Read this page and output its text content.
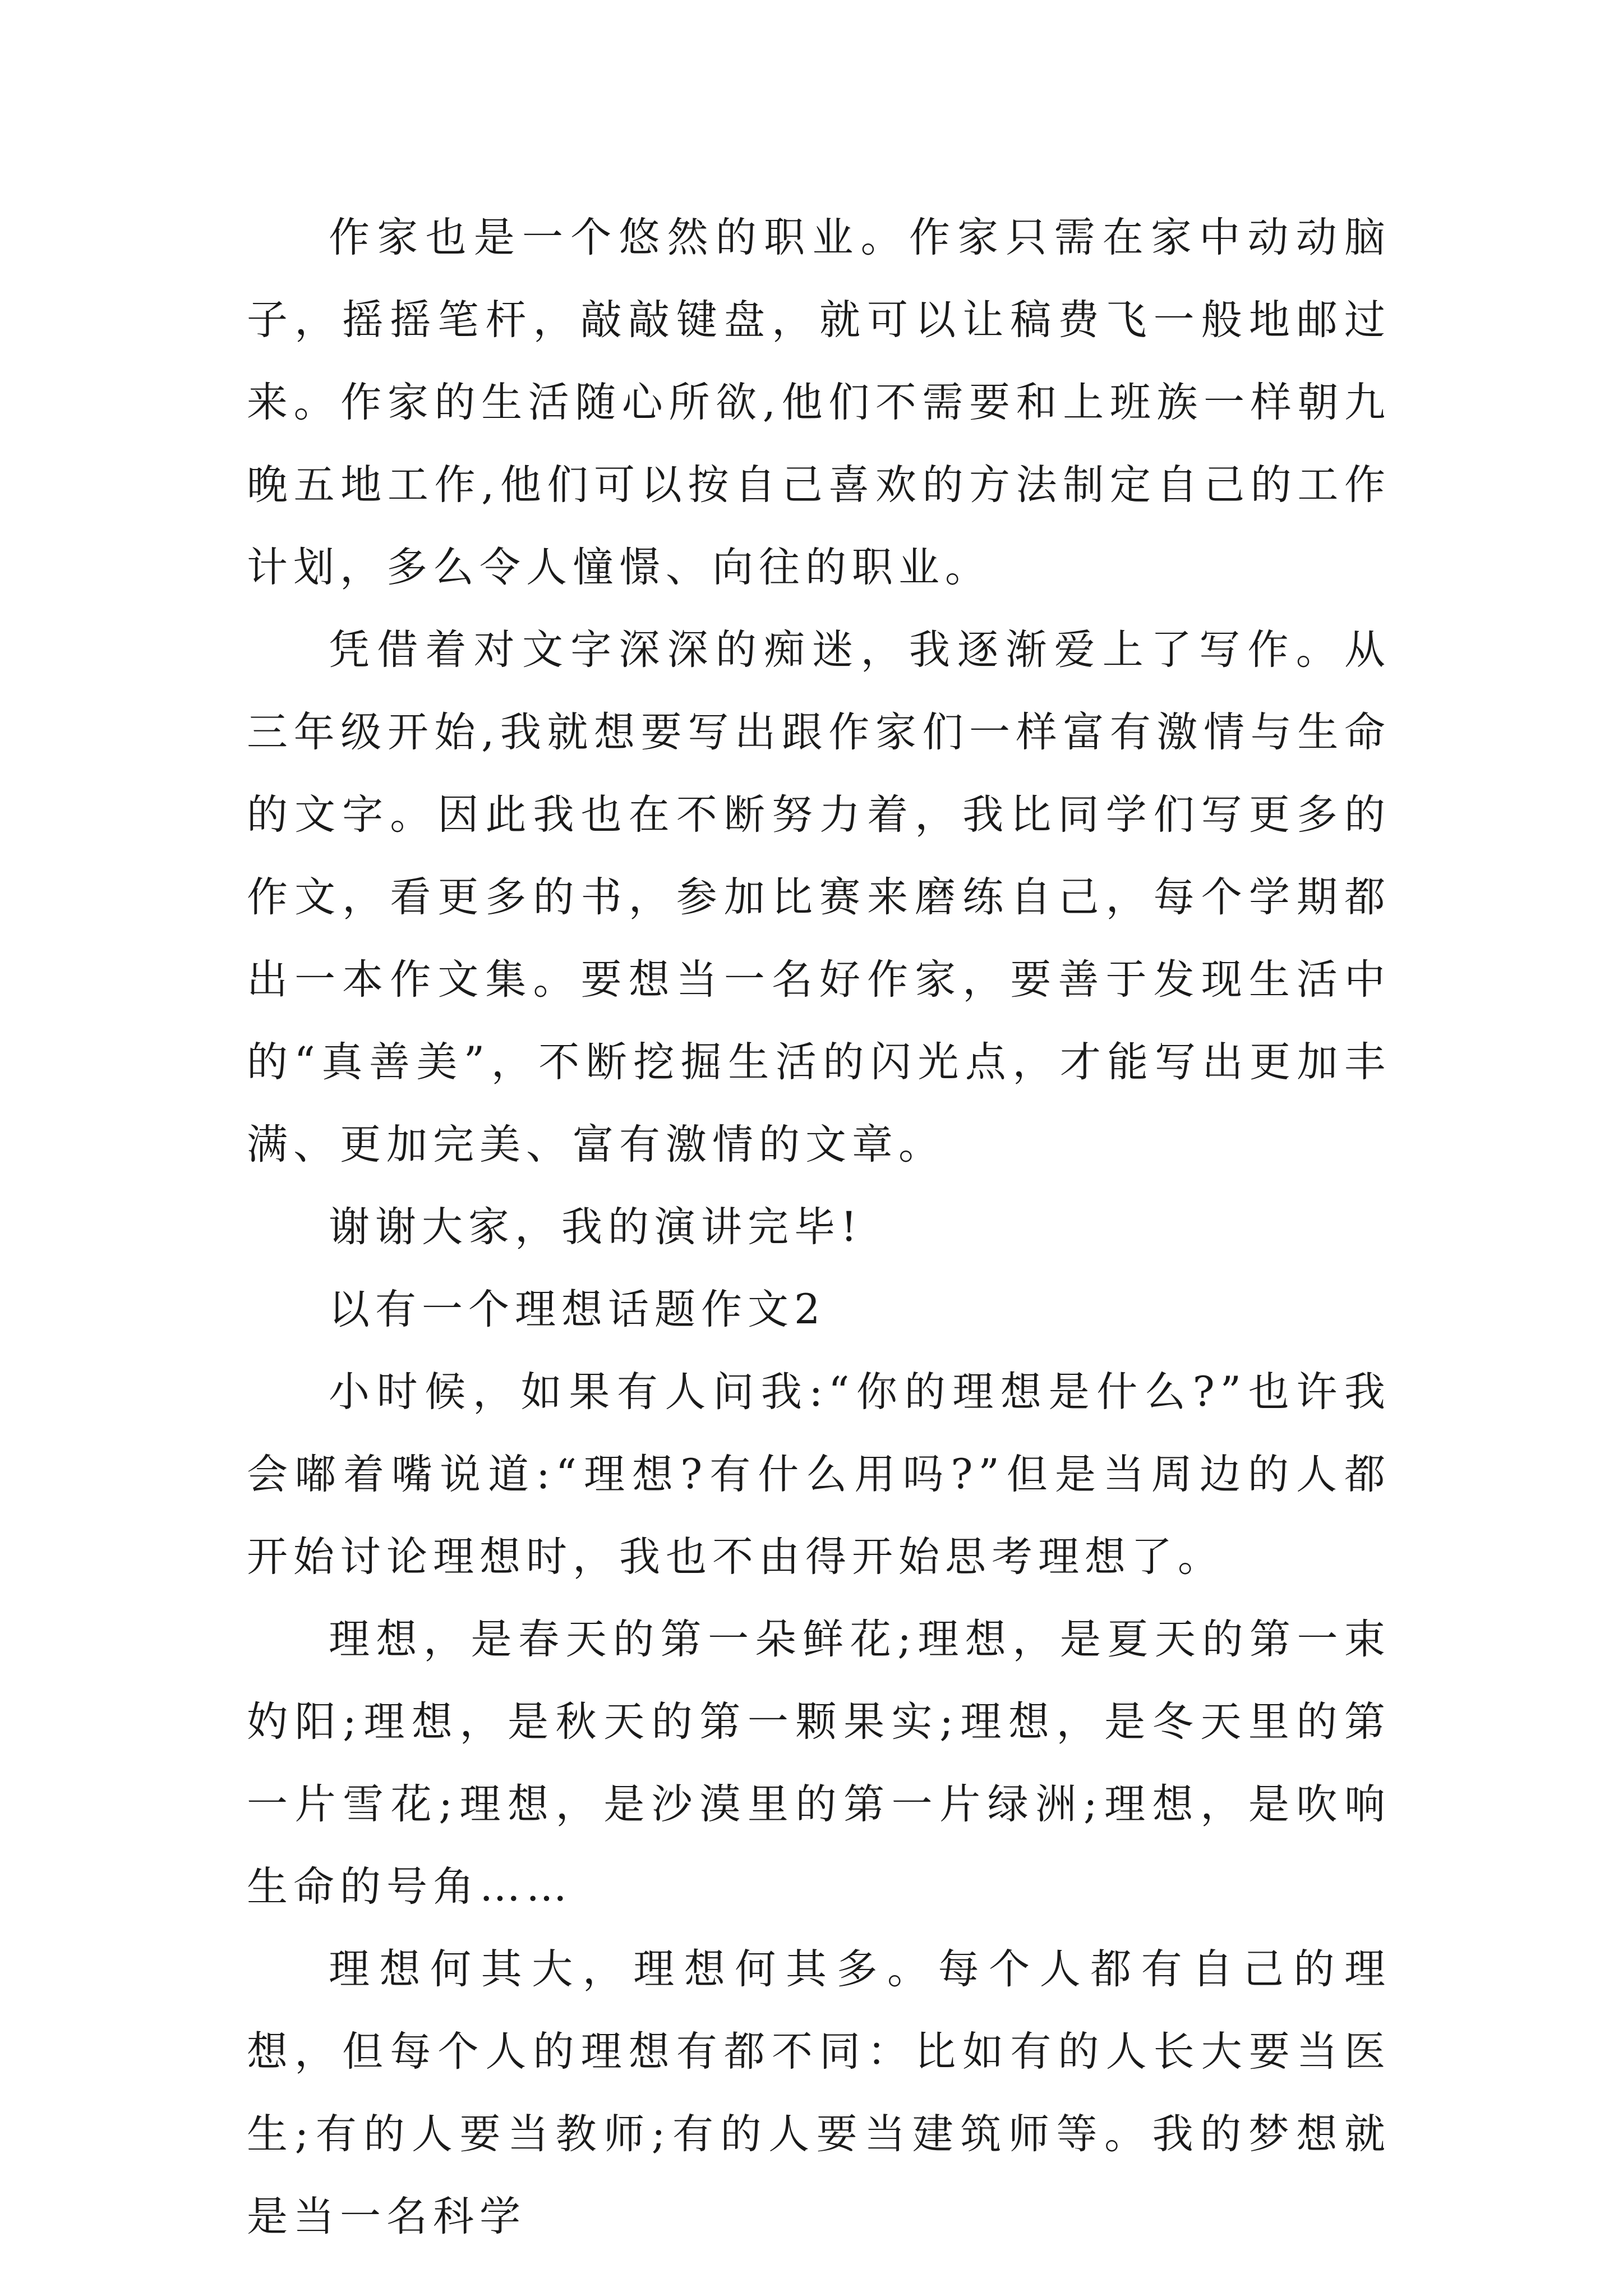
作家也是一个悠然的职业。作家只需在家中动动脑子，摇摇笔杆，敲敲键盘，就可以让稿费飞一般地邮过来。作家的生活随心所欲,他们不需要和上班族一样朝九晚五地工作,他们可以按自己喜欢的方法制定自己的工作计划，多么令人憧憬、向往的职业。

凭借着对文字深深的痴迷，我逐渐爱上了写作。从三年级开始,我就想要写出跟作家们一样富有激情与生命的文字。因此我也在不断努力着，我比同学们写更多的作文，看更多的书，参加比赛来磨练自己，每个学期都出一本作文集。要想当一名好作家，要善于发现生活中的“真善美”，不断挖掘生活的闪光点，才能写出更加丰满、更加完美、富有激情的文章。

谢谢大家，我的演讲完毕!

以有一个理想话题作文2

小时候，如果有人问我:“你的理想是什么?”也许我会嘟着嘴说道:“理想?有什么用吗?”但是当周边的人都开始讨论理想时，我也不由得开始思考理想了。

理想，是春天的第一朵鲜花;理想，是夏天的第一束妁阳;理想，是秋天的第一颗果实;理想，是冬天里的第一片雪花;理想，是沙漠里的第一片绿洲;理想，是吹响生命的号角……

理想何其大，理想何其多。每个人都有自己的理想，但每个人的理想有都不同：比如有的人长大要当医生;有的人要当教师;有的人要当建筑师等。我的梦想就是当一名科学
